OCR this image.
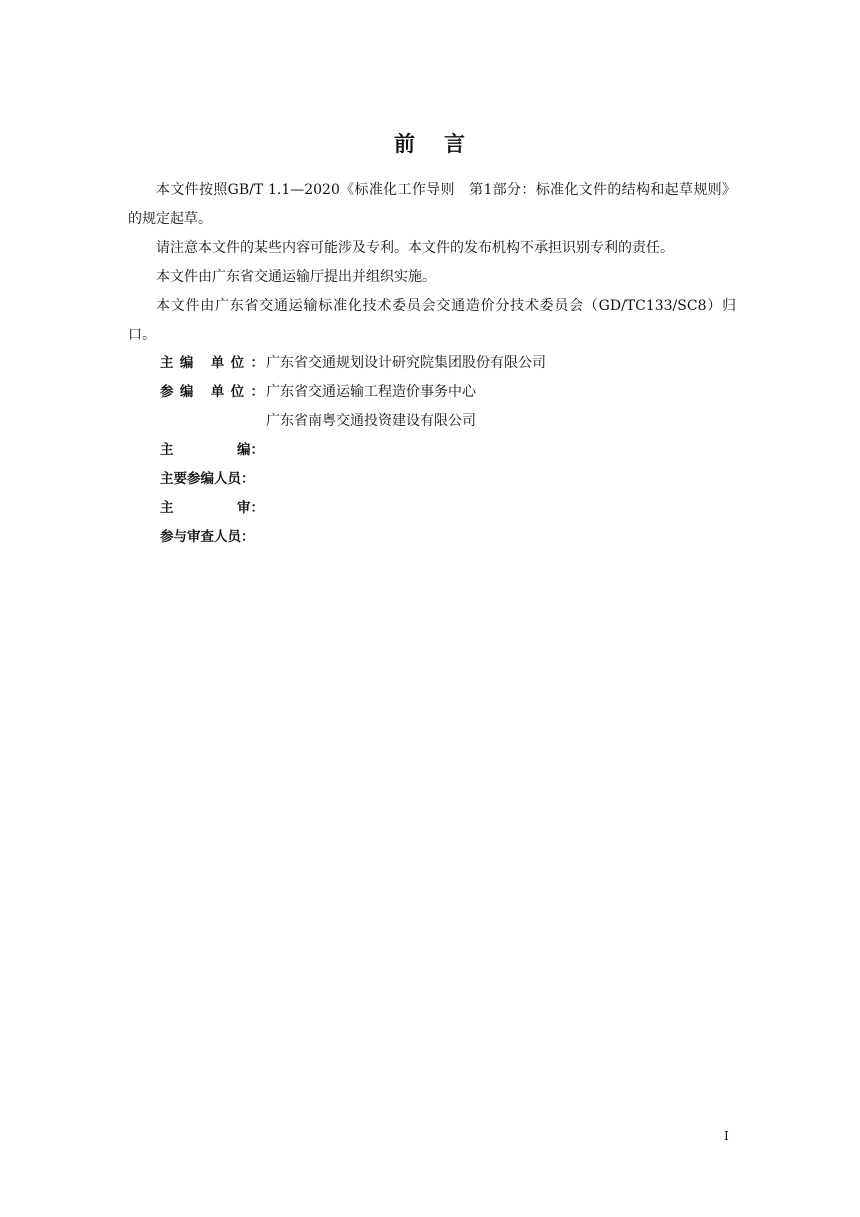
前 言

本文件按照GB/T 1.1—2020《标准化工作导则　第1部分：标准化文件的结构和起草规则》的规定起草。

请注意本文件的某些内容可能涉及专利。本文件的发布机构不承担识别专利的责任。

本文件由广东省交通运输厅提出并组织实施。

本文件由广东省交通运输标准化技术委员会交通造价分技术委员会（GD/TC133/SC8）归口。

主 编
单 位 ： 广东省交通规划设计研究院集团股份有限公司
参 编
单 位 ： 广东省交通运输工程造价事务中心
广东省南粤交通投资建设有限公司
主	编：
主要参编人员：
主	审：
参与审查人员：
I
